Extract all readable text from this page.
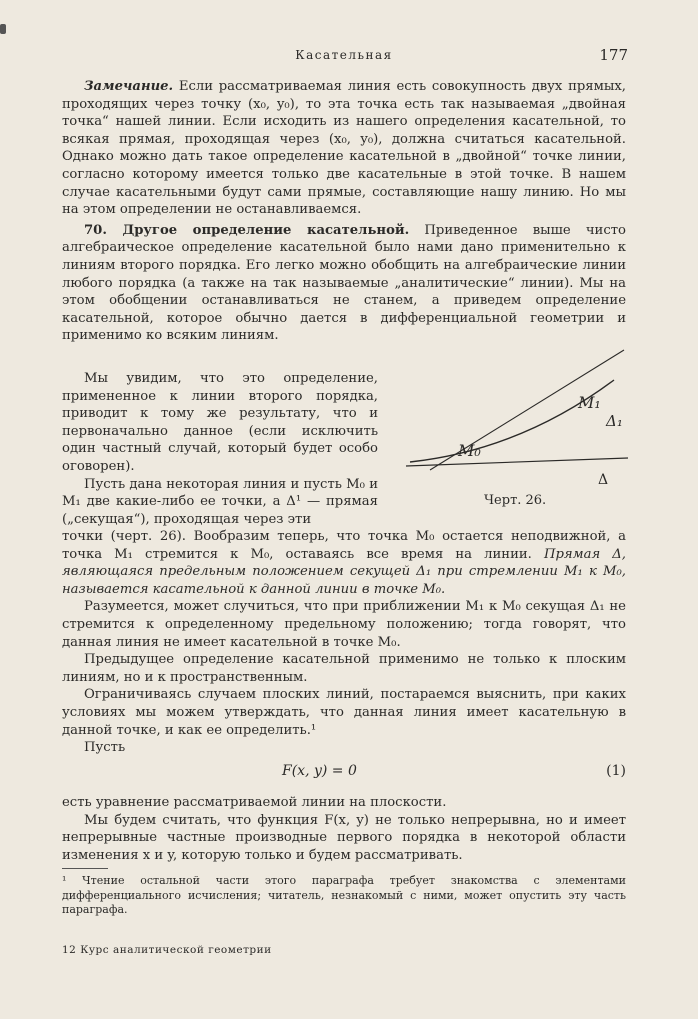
Касательная	177

Замечание. Если рассматриваемая линия есть совокупность двух прямых, проходящих через точку (x₀, y₀), то эта точка есть так называемая „двойная точка“ нашей линии. Если исходить из нашего определения касательной, то всякая прямая, проходящая через (x₀, y₀), должна считаться касательной. Однако можно дать такое определение касательной в „двойной“ точке линии, согласно которому имеется только две касательные в этой точке. В нашем случае касательными будут сами прямые, составляющие нашу линию. Но мы на этом определении не останавливаемся.

70. Другое определение касательной. Приведенное выше чисто алгебраическое определение касательной было нами дано применительно к линиям второго порядка. Его легко можно обобщить на алгебраические линии любого порядка (а также на так называемые „аналитические“ линии). Мы на этом обобщении останавливаться не станем, а приведем определение касательной, которое обычно дается в дифференциальной геометрии и применимо ко всяким линиям.

Мы увидим, что это определение, примененное к линии второго порядка, приводит к тому же результату, что и первоначально данное (если исключить один частный случай, который будет особо оговорен).

Пусть дана некоторая линия и пусть M₀ и M₁ две какие-либо ее точки, а Δ¹ — прямая („секущая“), проходящая через эти

M₁
Δ₁
M₀
Δ
Черт. 26.

точки (черт. 26). Вообразим теперь, что точка M₀ остается неподвижной, а точка M₁ стремится к M₀, оставаясь все время на линии. Прямая Δ, являющаяся предельным положением секущей Δ₁ при стремлении M₁ к M₀, называется касательной к данной линии в точке M₀.

Разумеется, может случиться, что при приближении M₁ к M₀ секущая Δ₁ не стремится к определенному предельному положению; тогда говорят, что данная линия не имеет касательной в точке M₀.

Предыдущее определение касательной применимо не только к плоским линиям, но и к пространственным.

Ограничиваясь случаем плоских линий, постараемся выяснить, при каких условиях мы можем утверждать, что данная линия имеет касательную в данной точке, и как ее определить.¹

Пусть

F(x, y) = 0	(1)

есть уравнение рассматриваемой линии на плоскости.

Мы будем считать, что функция F(x, y) не только непрерывна, но и имеет непрерывные частные производные первого порядка в некоторой области изменения x и y, которую только и будем рассматривать.

¹ Чтение остальной части этого параграфа требует знакомства с элементами дифференциального исчисления; читатель, незнакомый с ними, может опустить эту часть параграфа.
12 Курс аналитической геометрии
